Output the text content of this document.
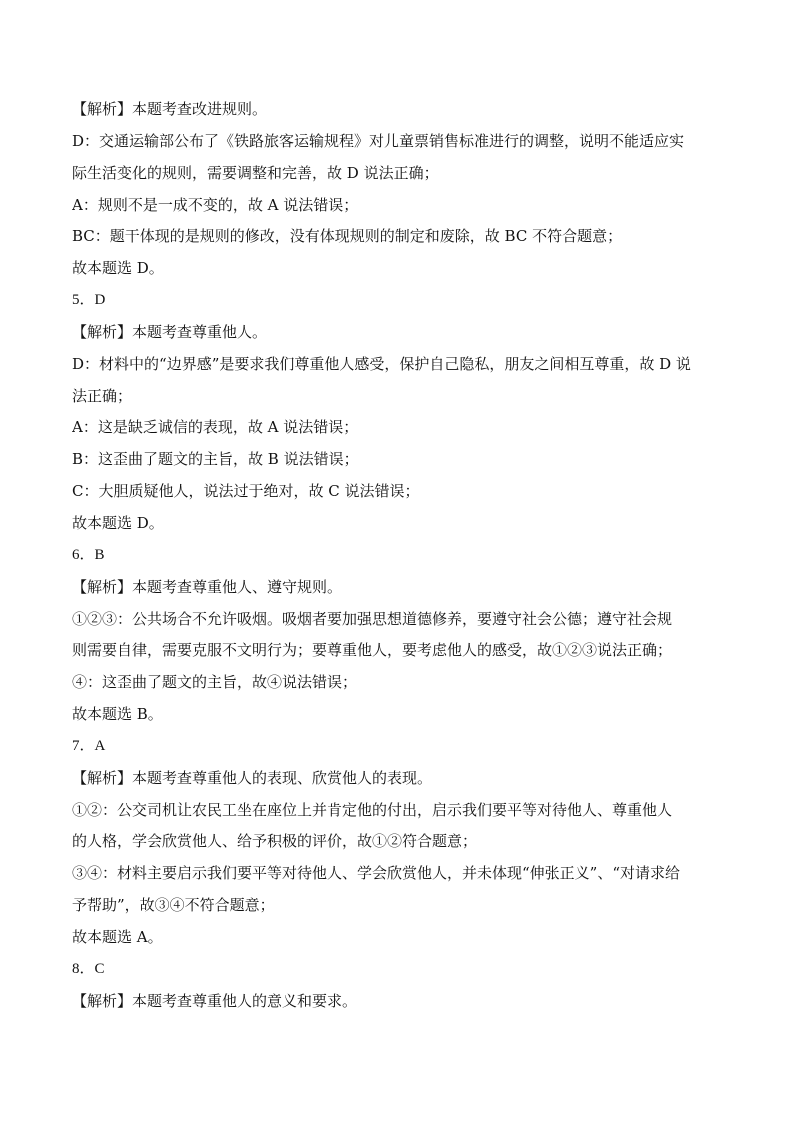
【解析】本题考查改进规则。
D：交通运输部公布了《铁路旅客运输规程》对儿童票销售标准进行的调整，说明不能适应实
际生活变化的规则，需要调整和完善，故 D 说法正确；
A：规则不是一成不变的，故 A 说法错误；
BC：题干体现的是规则的修改，没有体现规则的制定和废除，故 BC 不符合题意；
故本题选 D。
5．D
【解析】本题考查尊重他人。
D：材料中的“边界感”是要求我们尊重他人感受，保护自己隐私，朋友之间相互尊重，故 D 说
法正确；
A：这是缺乏诚信的表现，故 A 说法错误；
B：这歪曲了题文的主旨，故 B 说法错误；
C：大胆质疑他人，说法过于绝对，故 C 说法错误；
故本题选 D。
6．B
【解析】本题考查尊重他人、遵守规则。
①②③：公共场合不允许吸烟。吸烟者要加强思想道德修养，要遵守社会公德；遵守社会规
则需要自律，需要克服不文明行为；要尊重他人，要考虑他人的感受，故①②③说法正确；
④：这歪曲了题文的主旨，故④说法错误；
故本题选 B。
7．A
【解析】本题考查尊重他人的表现、欣赏他人的表现。
①②：公交司机让农民工坐在座位上并肯定他的付出，启示我们要平等对待他人、尊重他人
的人格，学会欣赏他人、给予积极的评价，故①②符合题意；
③④：材料主要启示我们要平等对待他人、学会欣赏他人，并未体现“伸张正义”、“对请求给
予帮助”，故③④不符合题意；
故本题选 A。
8．C
【解析】本题考查尊重他人的意义和要求。
